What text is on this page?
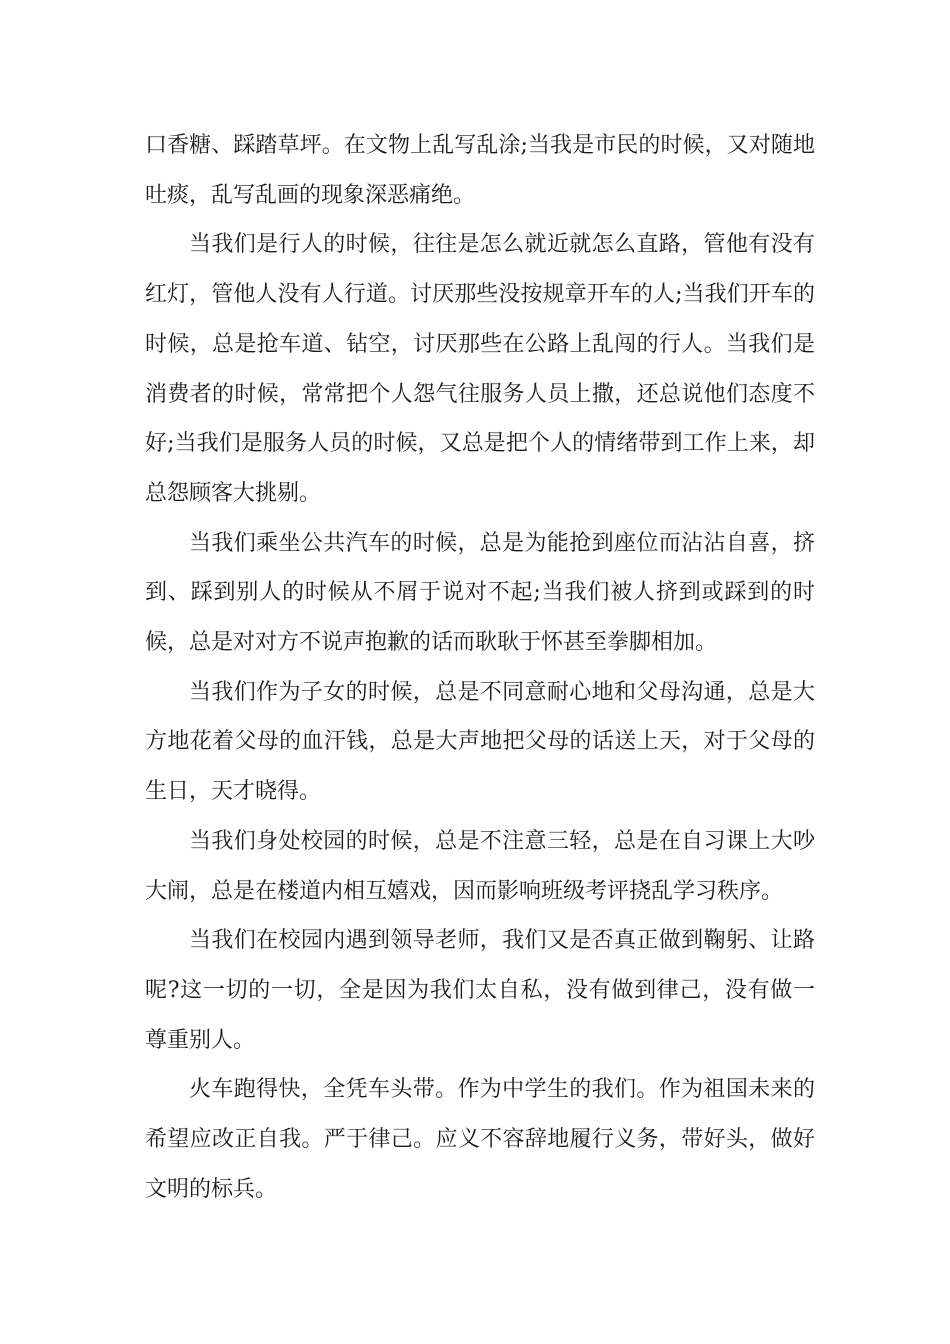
口香糖、踩踏草坪。在文物上乱写乱涂;当我是市民的时候，又对随地吐痰，乱写乱画的现象深恶痛绝。

当我们是行人的时候，往往是怎么就近就怎么直路，管他有没有红灯，管他人没有人行道。讨厌那些没按规章开车的人;当我们开车的时候，总是抢车道、钻空，讨厌那些在公路上乱闯的行人。当我们是消费者的时候，常常把个人怨气往服务人员上撒，还总说他们态度不好;当我们是服务人员的时候，又总是把个人的情绪带到工作上来，却总怨顾客大挑剔。

当我们乘坐公共汽车的时候，总是为能抢到座位而沾沾自喜，挤到、踩到别人的时候从不屑于说对不起;当我们被人挤到或踩到的时候，总是对对方不说声抱歉的话而耿耿于怀甚至拳脚相加。

当我们作为子女的时候，总是不同意耐心地和父母沟通，总是大方地花着父母的血汗钱，总是大声地把父母的话送上天，对于父母的生日，天才晓得。

当我们身处校园的时候，总是不注意三轻，总是在自习课上大吵大闹，总是在楼道内相互嬉戏，因而影响班级考评挠乱学习秩序。

当我们在校园内遇到领导老师，我们又是否真正做到鞠躬、让路呢?这一切的一切，全是因为我们太自私，没有做到律己，没有做一尊重别人。

火车跑得快，全凭车头带。作为中学生的我们。作为祖国未来的希望应改正自我。严于律己。应义不容辞地履行义务，带好头，做好文明的标兵。
